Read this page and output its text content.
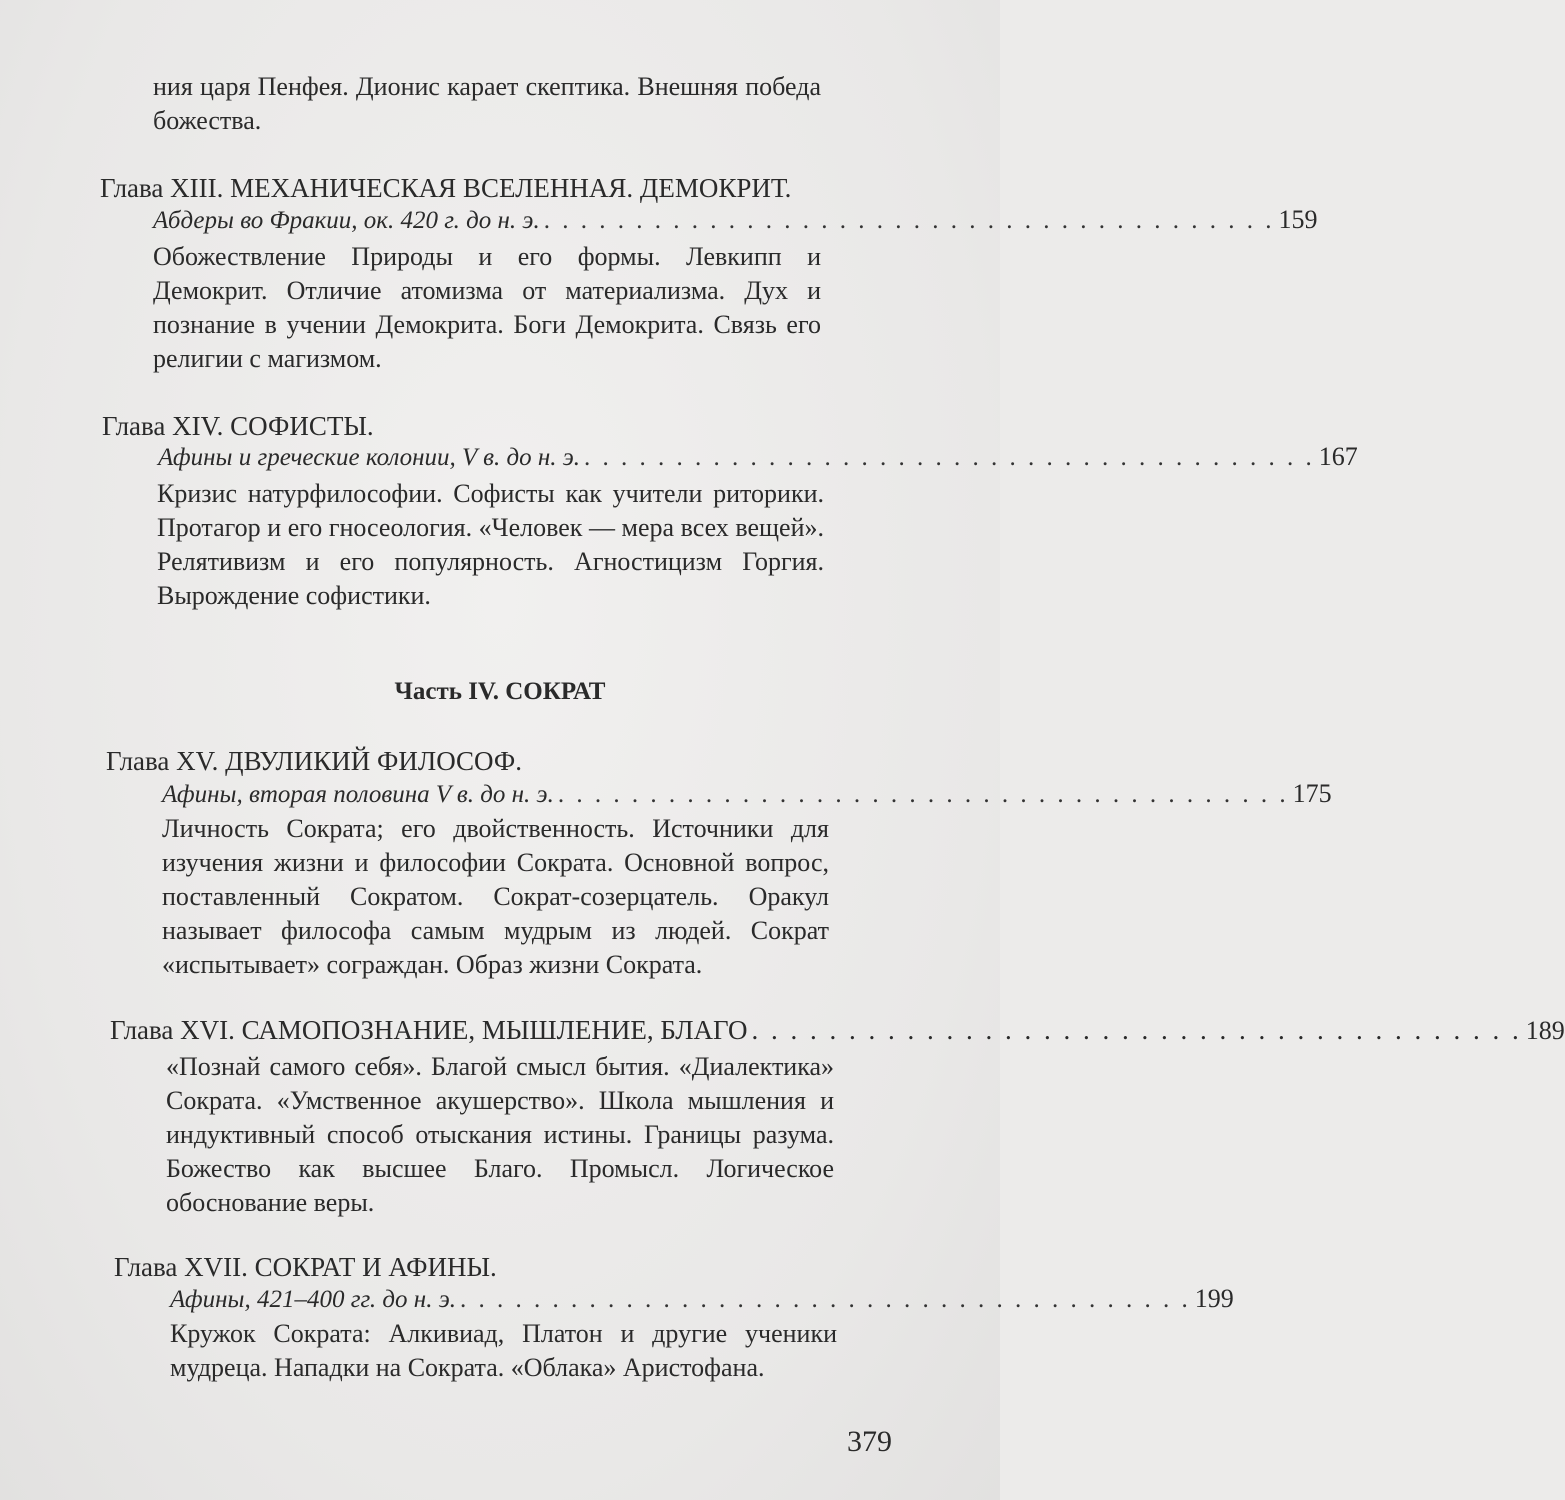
ния царя Пенфея. Дионис карает скептика. Внешняя победа божества.

Глава XIII. МЕХАНИЧЕСКАЯ ВСЕЛЕННАЯ. ДЕМОКРИТ.

Абдеры во Фракии, ок. 420 г. до н. э. . . . . . . . . . . . . . . . . . . . . . . . . . . . . . . . . . . . . . . . . 159

Обожествление Природы и его формы. Левкипп и Демокрит. Отличие атомизма от материализма. Дух и познание в учении Демокрита. Боги Демокрита. Связь его религии с магизмом.

Глава XIV. СОФИСТЫ.

Афины и греческие колонии, V в. до н. э. . . . . . . . . . . . . . . . . . . . . . . . . . . . . . . . . . . . . . . . . 167

Кризис натурфилософии. Софисты как учители риторики. Протагор и его гносеология. «Человек — мера всех вещей». Релятивизм и его популярность. Агностицизм Горгия. Вырождение софистики.

Часть IV. СОКРАТ

Глава XV. ДВУЛИКИЙ ФИЛОСОФ.

Афины, вторая половина V в. до н. э. . . . . . . . . . . . . . . . . . . . . . . . . . . . . . . . . . . . . . . . . 175

Личность Сократа; его двойственность. Источники для изучения жизни и философии Сократа. Основной вопрос, поставленный Сократом. Сократ-созерцатель. Оракул называет философа самым мудрым из людей. Сократ «испытывает» сограждан. Образ жизни Сократа.

Глава XVI. САМОПОЗНАНИЕ, МЫШЛЕНИЕ, БЛАГО . . . . . . . . . . . . . . . . . . . . . . . . . . . . . . . . . . . . . . . . 189

«Познай самого себя». Благой смысл бытия. «Диалектика» Сократа. «Умственное акушерство». Школа мышления и индуктивный способ отыскания истины. Границы разума. Божество как высшее Благо. Промысл. Логическое обоснование веры.

Глава XVII. СОКРАТ И АФИНЫ.

Афины, 421–400 гг. до н. э. . . . . . . . . . . . . . . . . . . . . . . . . . . . . . . . . . . . . . . . . 199

Кружок Сократа: Алкивиад, Платон и другие ученики мудреца. Нападки на Сократа. «Облака» Аристофана.

379
